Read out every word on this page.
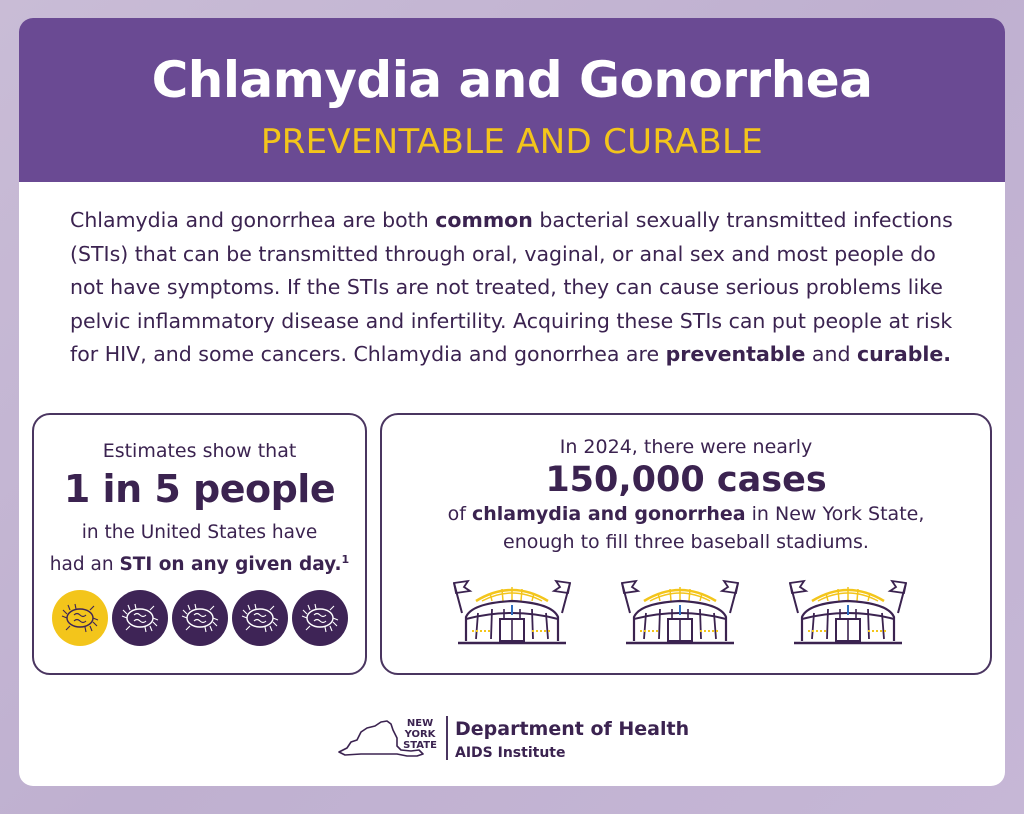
Chlamydia and Gonorrhea
PREVENTABLE AND CURABLE
Chlamydia and gonorrhea are both common bacterial sexually transmitted infections (STIs) that can be transmitted through oral, vaginal, or anal sex and most people do not have symptoms. If the STIs are not treated, they can cause serious problems like pelvic inflammatory disease and infertility. Acquiring these STIs can put people at risk for HIV, and some cancers. Chlamydia and gonorrhea are preventable and curable.
Estimates show that
1 in 5 people
in the United States have
had an STI on any given day.$^1$
In 2024, there were nearly
150,000 cases
of chlamydia and gonorrhea in New York State,
enough to fill three baseball stadiums.
NEW
YORK
STATE
Department of Health
AIDS Institute
